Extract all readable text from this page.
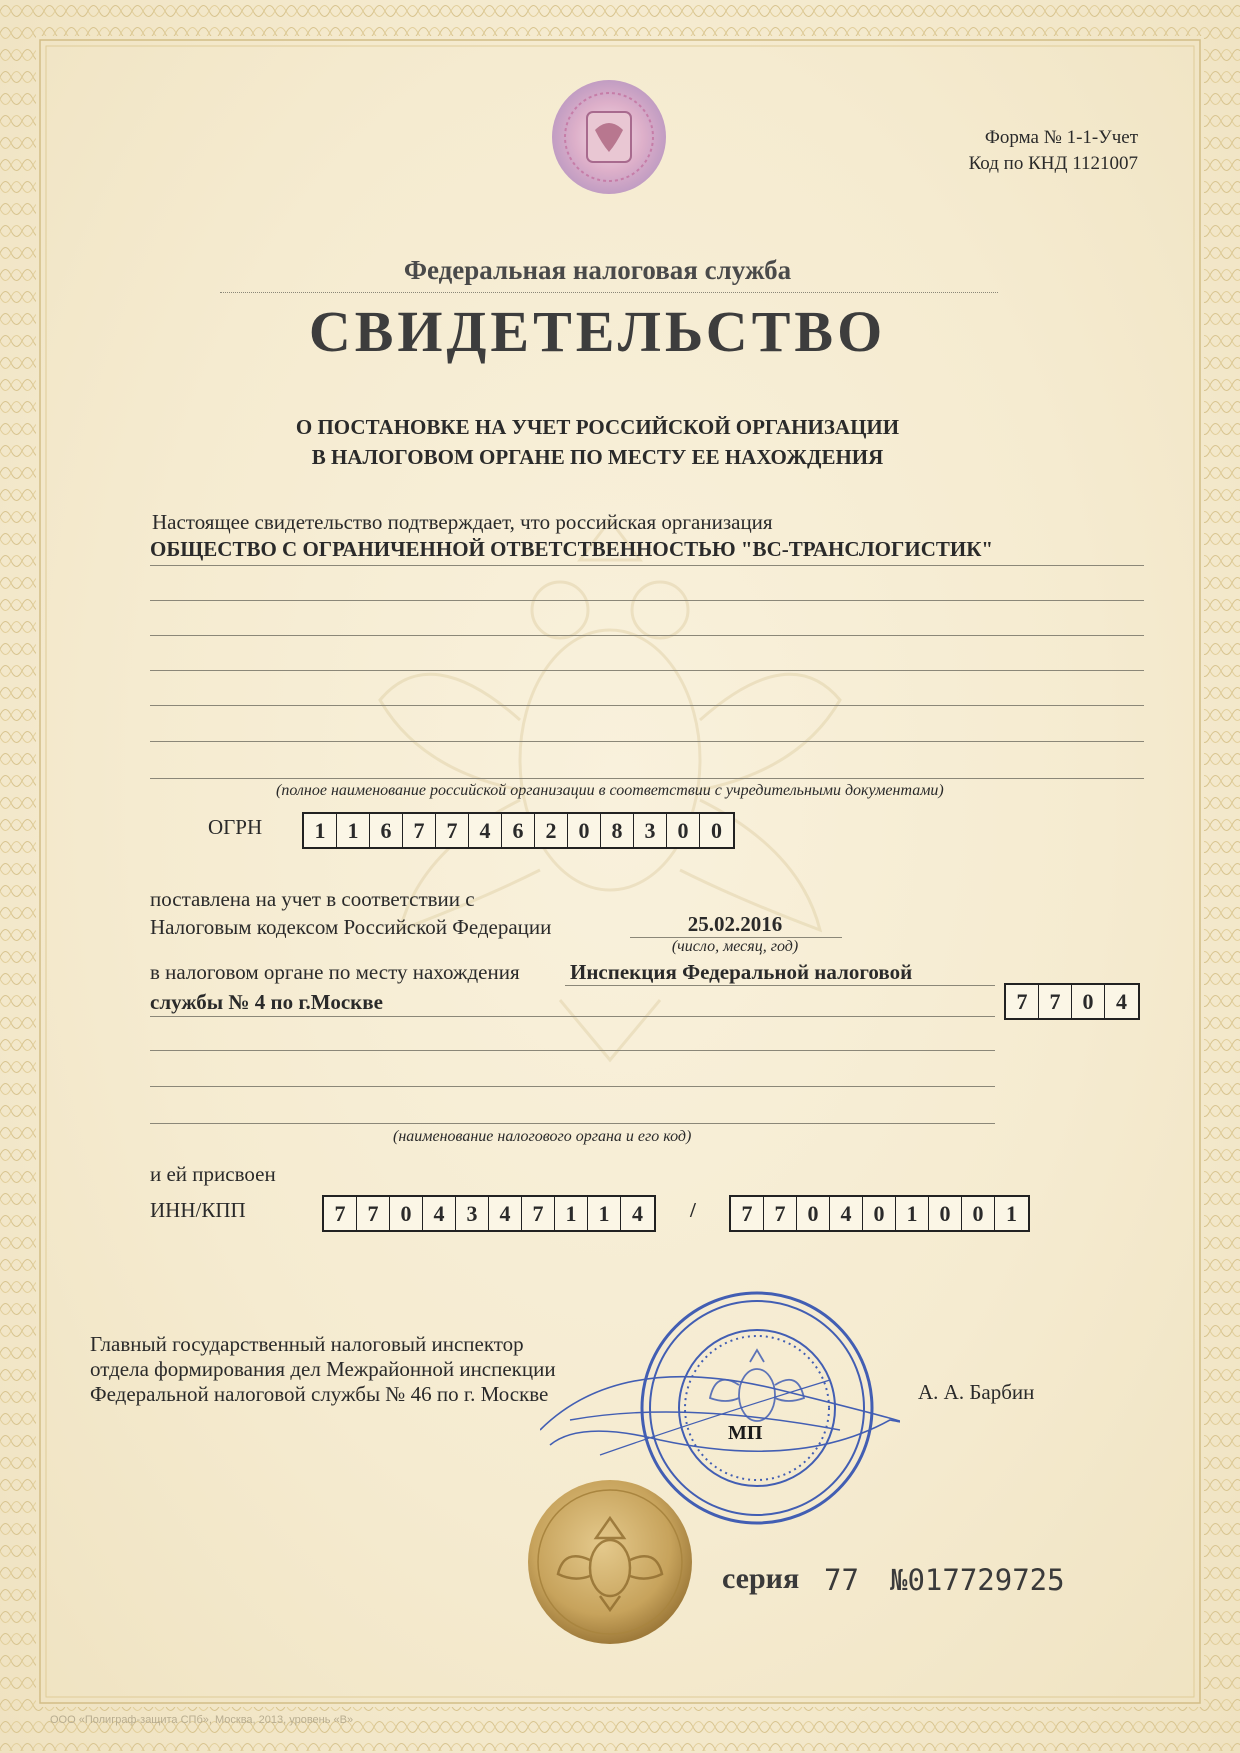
Форма № 1-1-Учет
Код по КНД 1121007
Федеральная налоговая служба
СВИДЕТЕЛЬСТВО
О ПОСТАНОВКЕ НА УЧЕТ РОССИЙСКОЙ ОРГАНИЗАЦИИ
В НАЛОГОВОМ ОРГАНЕ ПО МЕСТУ ЕЕ НАХОЖДЕНИЯ
Настоящее свидетельство подтверждает, что российская организация
ОБЩЕСТВО С ОГРАНИЧЕННОЙ ОТВЕТСТВЕННОСТЬЮ "ВС-ТРАНСЛОГИСТИК"
(полное наименование российской организации в соответствии с учредительными документами)
ОГРН	1	1	6	7	7	4	6	2	0	8	3	0	0
поставлена на учет в соответствии с
Налоговым кодексом Российской Федерации	25.02.2016
(число, месяц, год)
в налоговом органе по месту нахождения Инспекция Федеральной налоговой
службы № 4 по г.Москве	7	7	0	4
(наименование налогового органа и его код)
и ей присвоен
ИНН/КПП	7	7	0	4	3	4	7	1	1	4	/	7	7	0	4	0	1	0	0	1
Главный государственный налоговый инспектор
отдела формирования дел Межрайонной инспекции
Федеральной налоговой службы № 46 по г. Москве	А. А. Барбин
МП
серия 77 №017729725
ООО «Полиграф-защита СПб», Москва, 2013, уровень «В»
